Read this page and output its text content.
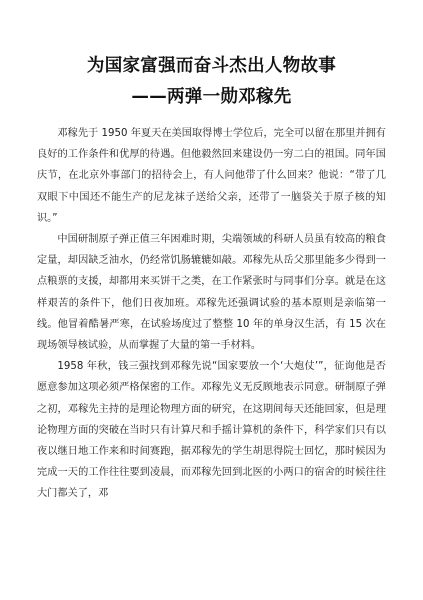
为国家富强而奋斗杰出人物故事
——两弹一勋邓稼先

邓稼先于 1950 年夏天在美国取得博士学位后，完全可以留在那里并拥有良好的工作条件和优厚的待遇。但他毅然回来建设仍一穷二白的祖国。同年国庆节，在北京外事部门的招待会上，有人问他带了什么回来？他说：“带了几双眼下中国还不能生产的尼龙袜子送给父亲，还带了一脑袋关于原子核的知识。”

中国研制原子弹正值三年困难时期，尖端领域的科研人员虽有较高的粮食定量，却因缺乏油水，仍经常饥肠辘辘如敲。邓稼先从岳父那里能多少得到一点粮票的支援，却都用来买饼干之类，在工作紧张时与同事们分享。就是在这样艰苦的条件下，他们日夜加班。邓稼先还强调试验的基本原则是亲临第一线。他冒着酷暑严寒，在试验场度过了整整 10 年的单身汉生活，有 15 次在现场领导核试验，从而掌握了大量的第一手材料。

1958 年秋，钱三强找到邓稼先说“国家要放一个‘大炮仗’”，征询他是否愿意参加这项必须严格保密的工作。邓稼先义无反顾地表示同意。研制原子弹之初，邓稼先主持的是理论物理方面的研究，在这期间每天还能回家，但是理论物理方面的突破在当时只有计算尺和手摇计算机的条件下，科学家们只有以夜以继日地工作来和时间赛跑，据邓稼先的学生胡思得院士回忆，那时候因为完成一天的工作往往要到凌晨，而邓稼先回到北医的小两口的宿舍的时候往往大门都关了，邓
